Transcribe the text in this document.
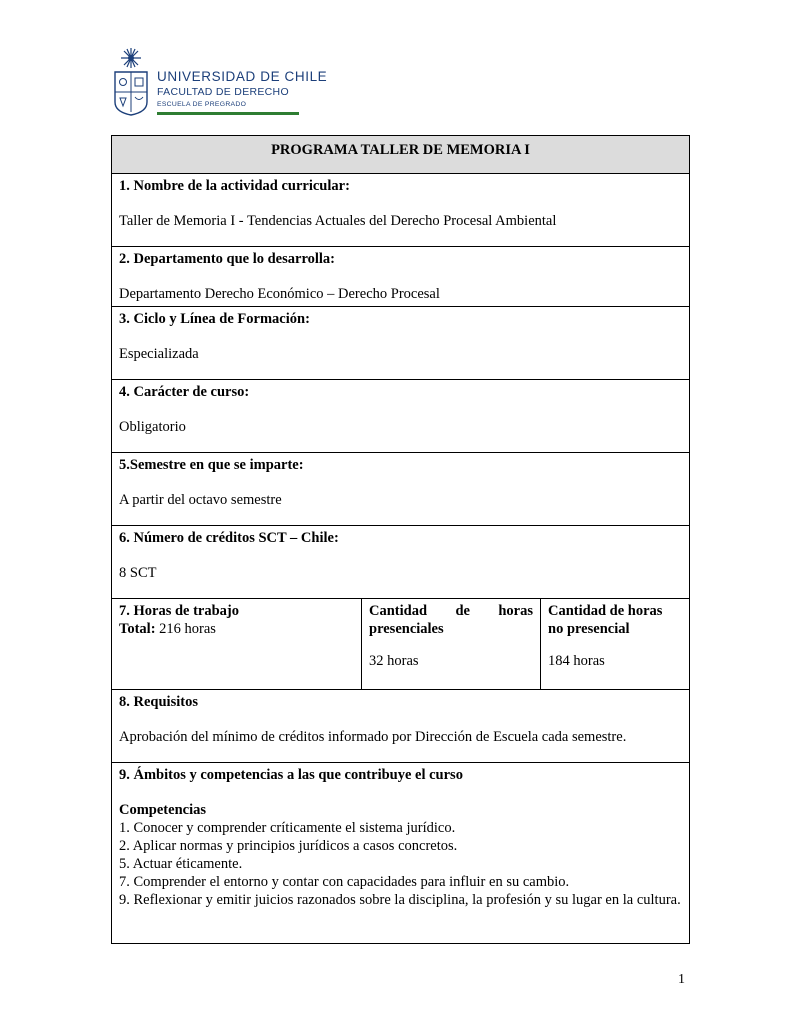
UNIVERSIDAD DE CHILE
FACULTAD DE DERECHO
ESCUELA DE PREGRADO
PROGRAMA TALLER DE MEMORIA I

1. Nombre de la actividad curricular:
Taller de Memoria I - Tendencias Actuales del Derecho Procesal Ambiental

2. Departamento que lo desarrolla:
Departamento Derecho Económico – Derecho Procesal

3. Ciclo y Línea de Formación:
Especializada

4. Carácter de curso:
Obligatorio

5.Semestre en que se imparte:
A partir del octavo semestre

6. Número de créditos SCT – Chile:
8 SCT

7. Horas de trabajo
Total: 216 horas

Cantidad de horas
presenciales
32 horas

Cantidad de horas
no presencial
184 horas

8. Requisitos
Aprobación del mínimo de créditos informado por Dirección de Escuela cada semestre.

9. Ámbitos y competencias a las que contribuye el curso
Competencias
1. Conocer y comprender críticamente el sistema jurídico.
2. Aplicar normas y principios jurídicos a casos concretos.
5. Actuar éticamente.
7. Comprender el entorno y contar con capacidades para influir en su cambio.
9. Reflexionar y emitir juicios razonados sobre la disciplina, la profesión y su lugar en la cultura.
1
